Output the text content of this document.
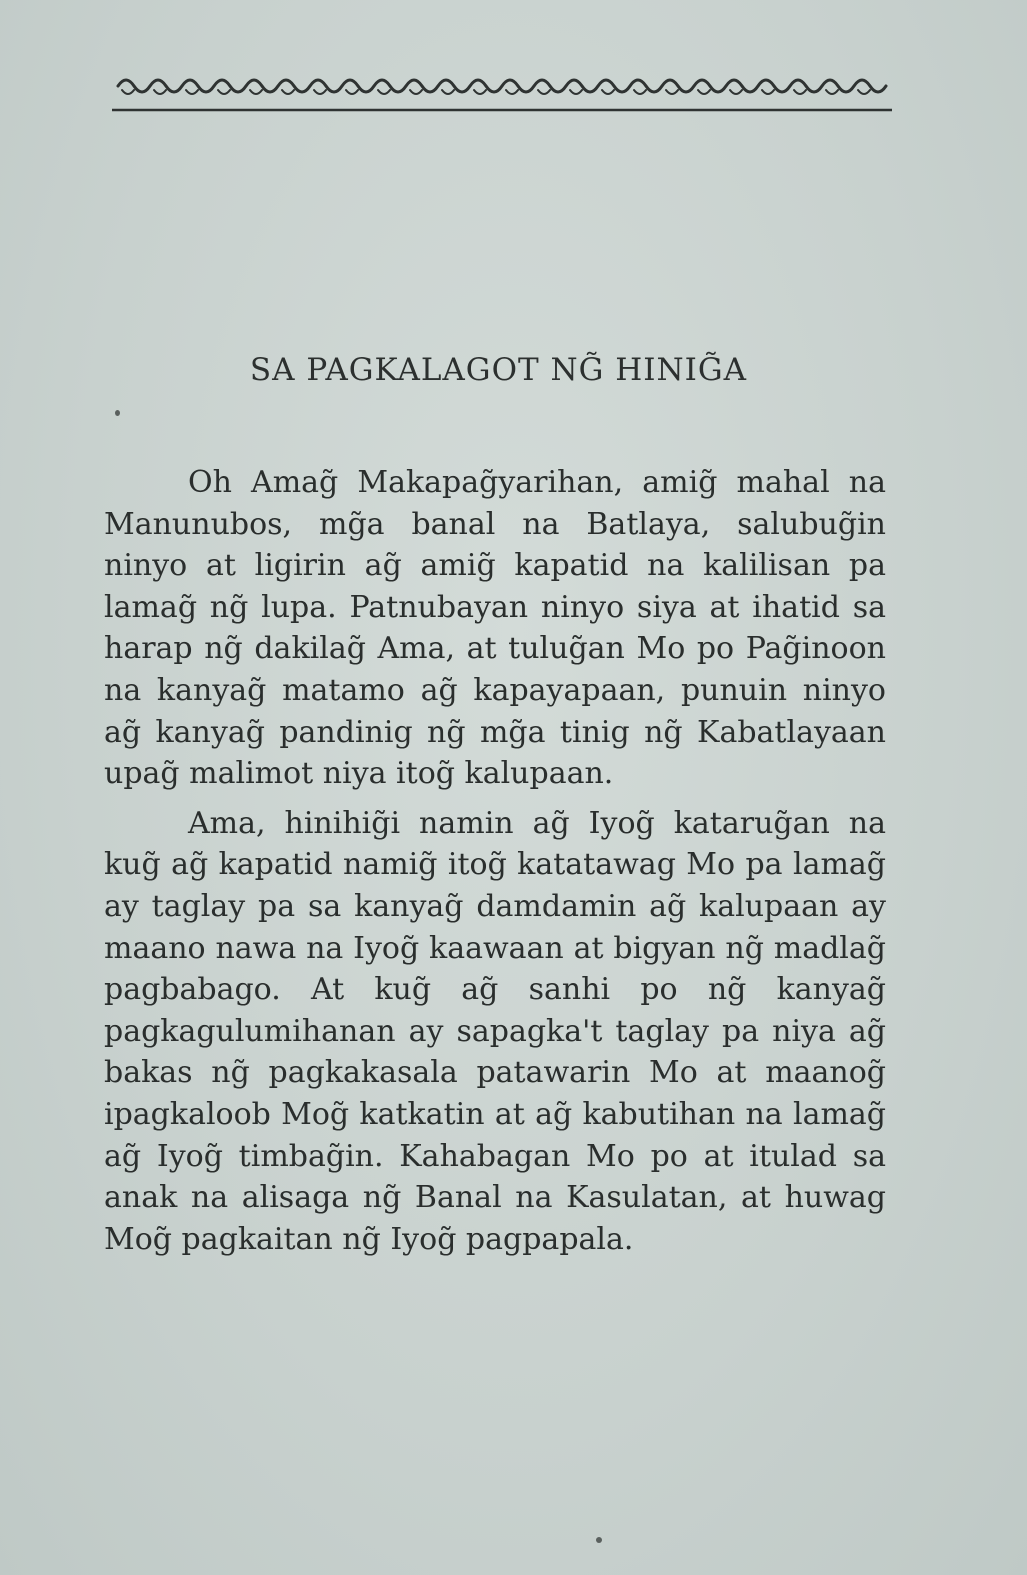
SA PAGKALAGOT NG̃ HINIG̃A

Oh Amag̃ Makapag̃yarihan, amig̃ mahal na Manunubos, mg̃a banal na Batlaya, salubug̃in ninyo at ligirin ag̃ amig̃ kapatid na kalilisan pa lamag̃ ng̃ lupa. Patnubayan ninyo siya at ihatid sa harap ng̃ dakilag̃ Ama, at tulug̃an Mo po Pag̃inoon na kanyag̃ matamo ag̃ kapayapaan, punuin ninyo ag̃ kanyag̃ pandinig ng̃ mg̃a tinig ng̃ Kabatlayaan upag̃ malimot niya itog̃ kalupaan.

Ama, hinihig̃i namin ag̃ Iyog̃ katarug̃an na kug̃ ag̃ kapatid namig̃ itog̃ katatawag Mo pa lamag̃ ay taglay pa sa kanyag̃ damdamin ag̃ kalupaan ay maano nawa na Iyog̃ kaawaan at bigyan ng̃ madlag̃ pagbabago. At kug̃ ag̃ sanhi po ng̃ kanyag̃ pagkagulumihanan ay sapagka't taglay pa niya ag̃ bakas ng̃ pagkakasala patawarin Mo at maanog̃ ipagkaloob Mog̃ katkatin at ag̃ kabutihan na lamag̃ ag̃ Iyog̃ timbag̃in. Kahabagan Mo po at itulad sa anak na alisaga ng̃ Banal na Kasulatan, at huwag Mog̃ pagkaitan ng̃ Iyog̃ pagpapala.
